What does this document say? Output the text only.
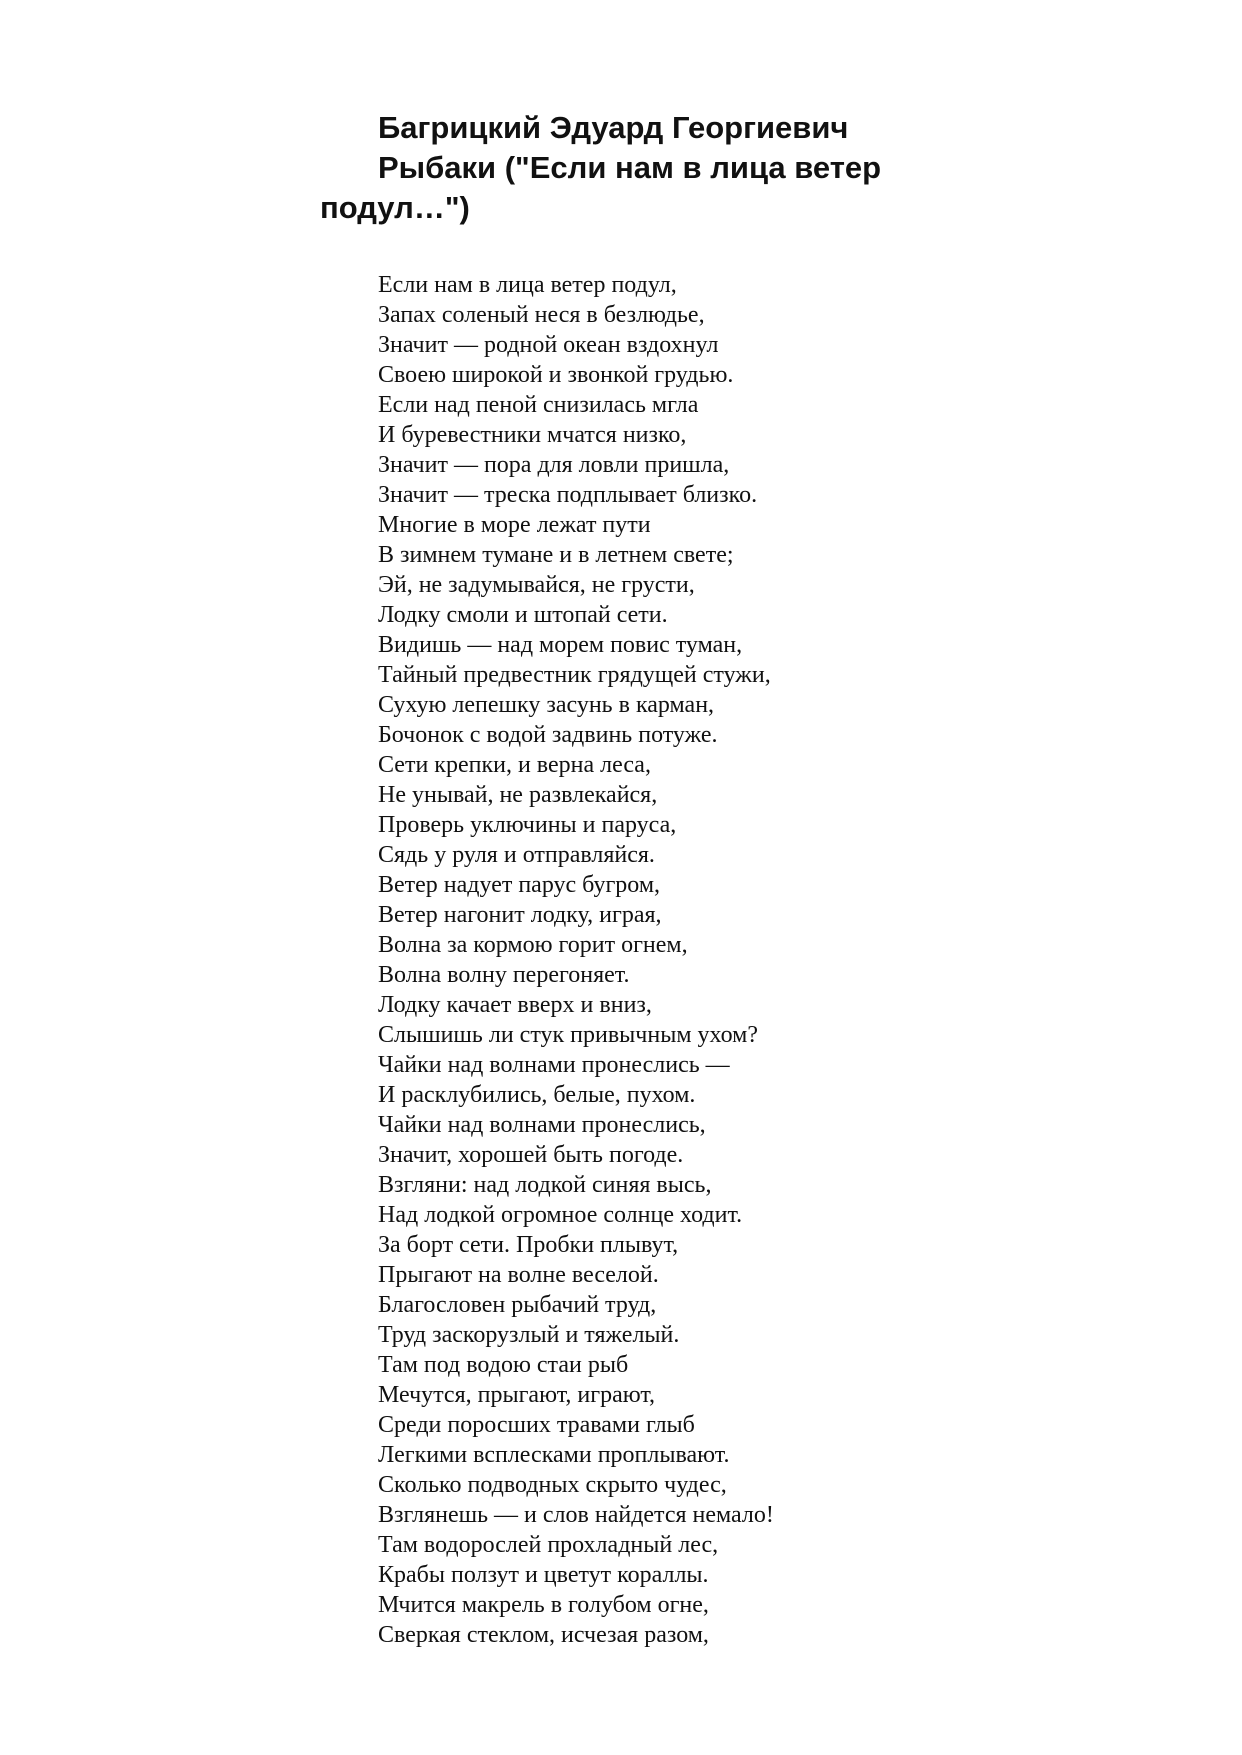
Багрицкий Эдуард Георгиевич
Рыбаки ("Если нам в лица ветер
подул…")
Если нам в лица ветер подул,
Запах соленый неся в безлюдье,
Значит — родной океан вздохнул
Своею широкой и звонкой грудью.
Если над пеной снизилась мгла
И буревестники мчатся низко,
Значит — пора для ловли пришла,
Значит — треска подплывает близко.
Многие в море лежат пути
В зимнем тумане и в летнем свете;
Эй, не задумывайся, не грусти,
Лодку смоли и штопай сети.
Видишь — над морем повис туман,
Тайный предвестник грядущей стужи,
Сухую лепешку засунь в карман,
Бочонок с водой задвинь потуже.
Сети крепки, и верна леса,
Не унывай, не развлекайся,
Проверь уключины и паруса,
Сядь у руля и отправляйся.
Ветер надует парус бугром,
Ветер нагонит лодку, играя,
Волна за кормою горит огнем,
Волна волну перегоняет.
Лодку качает вверх и вниз,
Слышишь ли стук привычным ухом?
Чайки над волнами пронеслись —
И расклубились, белые, пухом.
Чайки над волнами пронеслись,
Значит, хорошей быть погоде.
Взгляни: над лодкой синяя высь,
Над лодкой огромное солнце ходит.
За борт сети. Пробки плывут,
Прыгают на волне веселой.
Благословен рыбачий труд,
Труд заскорузлый и тяжелый.
Там под водою стаи рыб
Мечутся, прыгают, играют,
Среди поросших травами глыб
Легкими всплесками проплывают.
Сколько подводных скрыто чудес,
Взглянешь — и слов найдется немало!
Там водорослей прохладный лес,
Крабы ползут и цветут кораллы.
Мчится макрель в голубом огне,
Сверкая стеклом, исчезая разом,
